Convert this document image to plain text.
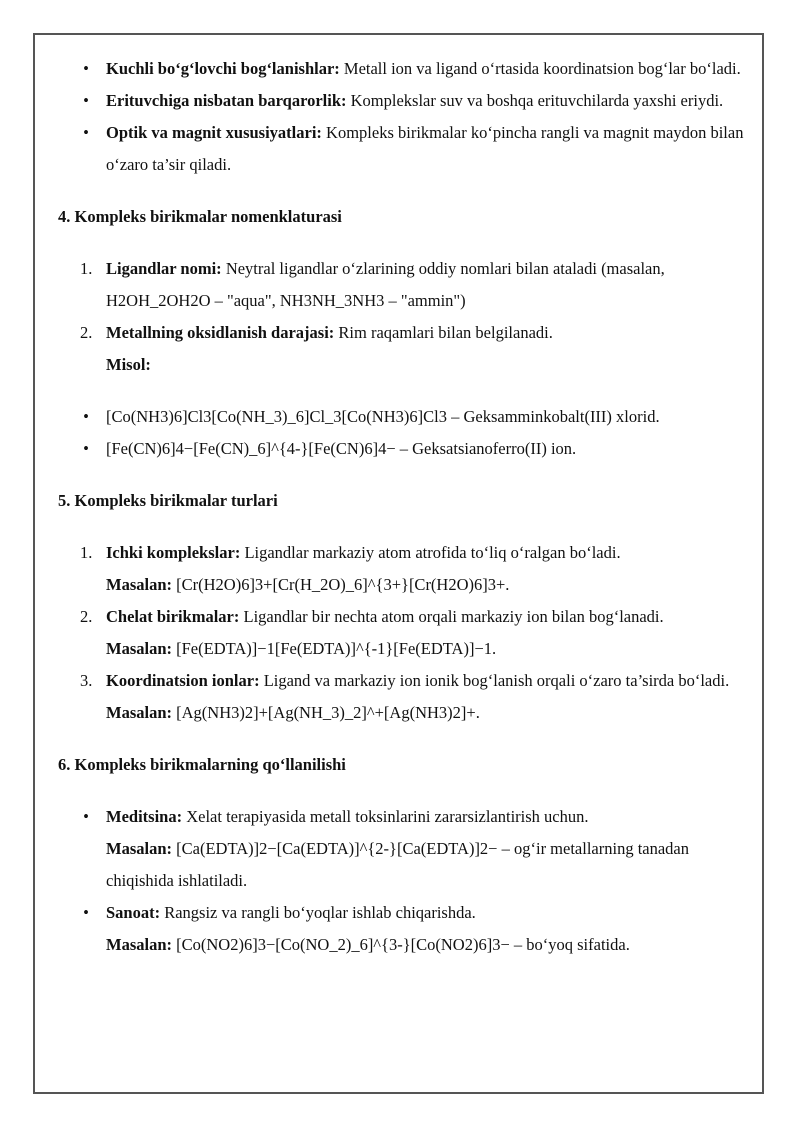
• Kuchli bo‘g‘lovchi bog‘lanishlar: Metall ion va ligand o‘rtasida koordinatsion bog‘lar bo‘ladi.
• Erituvchiga nisbatan barqarorlik: Komplekslar suv va boshqa erituvchilarda yaxshi eriydi.
• Optik va magnit xususiyatlari: Kompleks birikmalar ko‘pincha rangli va magnit maydon bilan o‘zaro ta’sir qiladi.
4. Kompleks birikmalar nomenklaturasi
1. Ligandlar nomi: Neytral ligandlar o‘zlarining oddiy nomlari bilan ataladi (masalan, H2OH_2OH2O – "aqua", NH3NH_3NH3 – "ammin")
2. Metallning oksidlanish darajasi: Rim raqamlari bilan belgilanadi.
Misol:
• [Co(NH3)6]Cl3[Co(NH_3)_6]Cl_3[Co(NH3)6]Cl3 – Geksamminkobalt(III) xlorid.
• [Fe(CN)6]4−[Fe(CN)_6]^{4-}[Fe(CN)6]4− – Geksatsianoferro(II) ion.
5. Kompleks birikmalar turlari
1. Ichki komplekslar: Ligandlar markaziy atom atrofida to‘liq o‘ralgan bo‘ladi.
Masalan: [Cr(H2O)6]3+[Cr(H_2O)_6]^{3+}[Cr(H2O)6]3+.
2. Chelat birikmalar: Ligandlar bir nechta atom orqali markaziy ion bilan bog‘lanadi.
Masalan: [Fe(EDTA)]−1[Fe(EDTA)]^{-1}[Fe(EDTA)]−1.
3. Koordinatsion ionlar: Ligand va markaziy ion ionik bog‘lanish orqali o‘zaro ta’sirda bo‘ladi.
Masalan: [Ag(NH3)2]+[Ag(NH_3)_2]^+[Ag(NH3)2]+.
6. Kompleks birikmalarning qo‘llanilishi
• Meditsina: Xelat terapiyasida metall toksinlarini zararsizlantirish uchun.
Masalan: [Ca(EDTA)]2−[Ca(EDTA)]^{2-}[Ca(EDTA)]2− – og‘ir metallarning tanadan chiqishida ishlatiladi.
• Sanoat: Rangsiz va rangli bo‘yoqlar ishlab chiqarishda.
Masalan: [Co(NO2)6]3−[Co(NO_2)_6]^{3-}[Co(NO2)6]3− – bo‘yoq sifatida.
